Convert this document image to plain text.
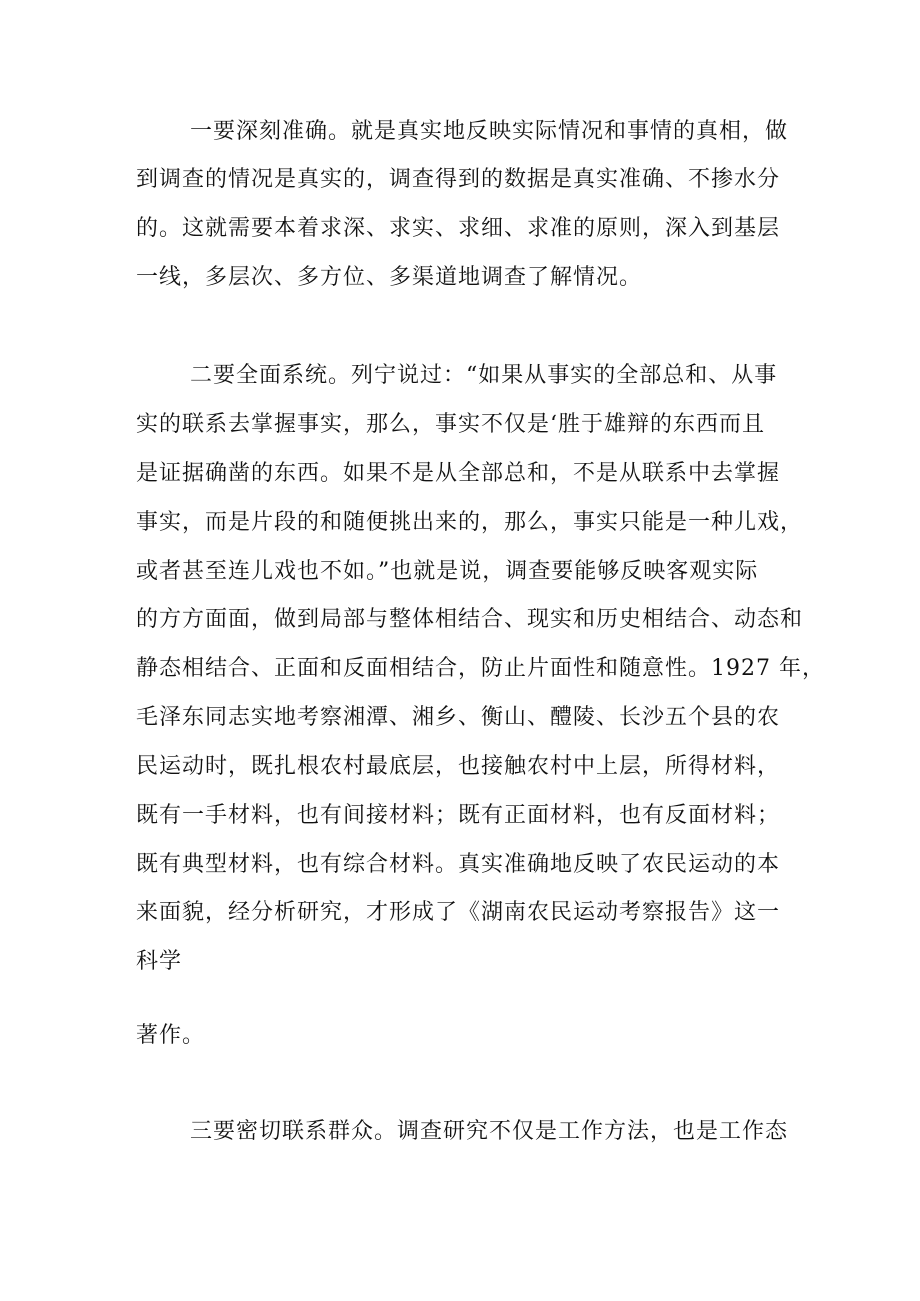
一要深刻准确。就是真实地反映实际情况和事情的真相，做
到调查的情况是真实的，调查得到的数据是真实准确、不掺水分
的。这就需要本着求深、求实、求细、求准的原则，深入到基层
一线，多层次、多方位、多渠道地调查了解情况。
二要全面系统。列宁说过：“如果从事实的全部总和、从事
实的联系去掌握事实，那么，事实不仅是‘胜于雄辩的东西而且
是证据确凿的东西。如果不是从全部总和，不是从联系中去掌握
事实，而是片段的和随便挑出来的，那么，事实只能是一种儿戏，
或者甚至连儿戏也不如。”也就是说，调查要能够反映客观实际
的方方面面，做到局部与整体相结合、现实和历史相结合、动态和
静态相结合、正面和反面相结合，防止片面性和随意性。1927 年，
毛泽东同志实地考察湘潭、湘乡、衡山、醴陵、长沙五个县的农
民运动时，既扎根农村最底层，也接触农村中上层，所得材料，
既有一手材料，也有间接材料；既有正面材料，也有反面材料；
既有典型材料，也有综合材料。真实准确地反映了农民运动的本
来面貌，经分析研究，才形成了《湖南农民运动考察报告》这一
科学
著作。
三要密切联系群众。调查研究不仅是工作方法，也是工作态
